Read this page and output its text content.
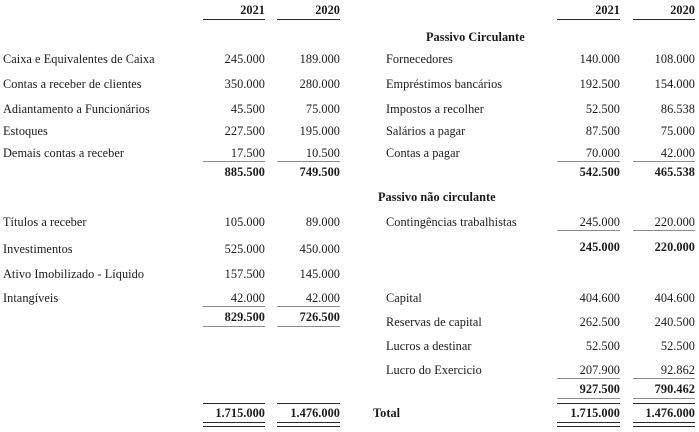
2021	2020	2021	2020
Caixa e Equivalentes de Caixa	245.000	189.000
Contas a receber de clientes	350.000	280.000
Adiantamento a Funcionários	45.500	75.000
Estoques	227.500	195.000
Demais contas a receber	17.500	10.500
885.500	749.500
Títulos a receber	105.000	89.000
Investimentos	525.000	450.000
Ativo Imobilizado - Líquido	157.500	145.000
Intangíveis	42.000	42.000
829.500	726.500
1.715.000	1.476.000
Passivo Circulante
Fornecedores	140.000	108.000
Empréstimos bancários	192.500	154.000
Impostos a recolher	52.500	86.538
Salários a pagar	87.500	75.000
Contas a pagar	70.000	42.000
542.500	465.538
Passivo não circulante
Contingências trabalhistas	245.000	220.000
245.000	220.000
Capital	404.600	404.600
Reservas de capital	262.500	240.500
Lucros a destinar	52.500	52.500
Lucro do Exercicio	207.900	92.862
927.500	790.462
Total	1.715.000	1.476.000
